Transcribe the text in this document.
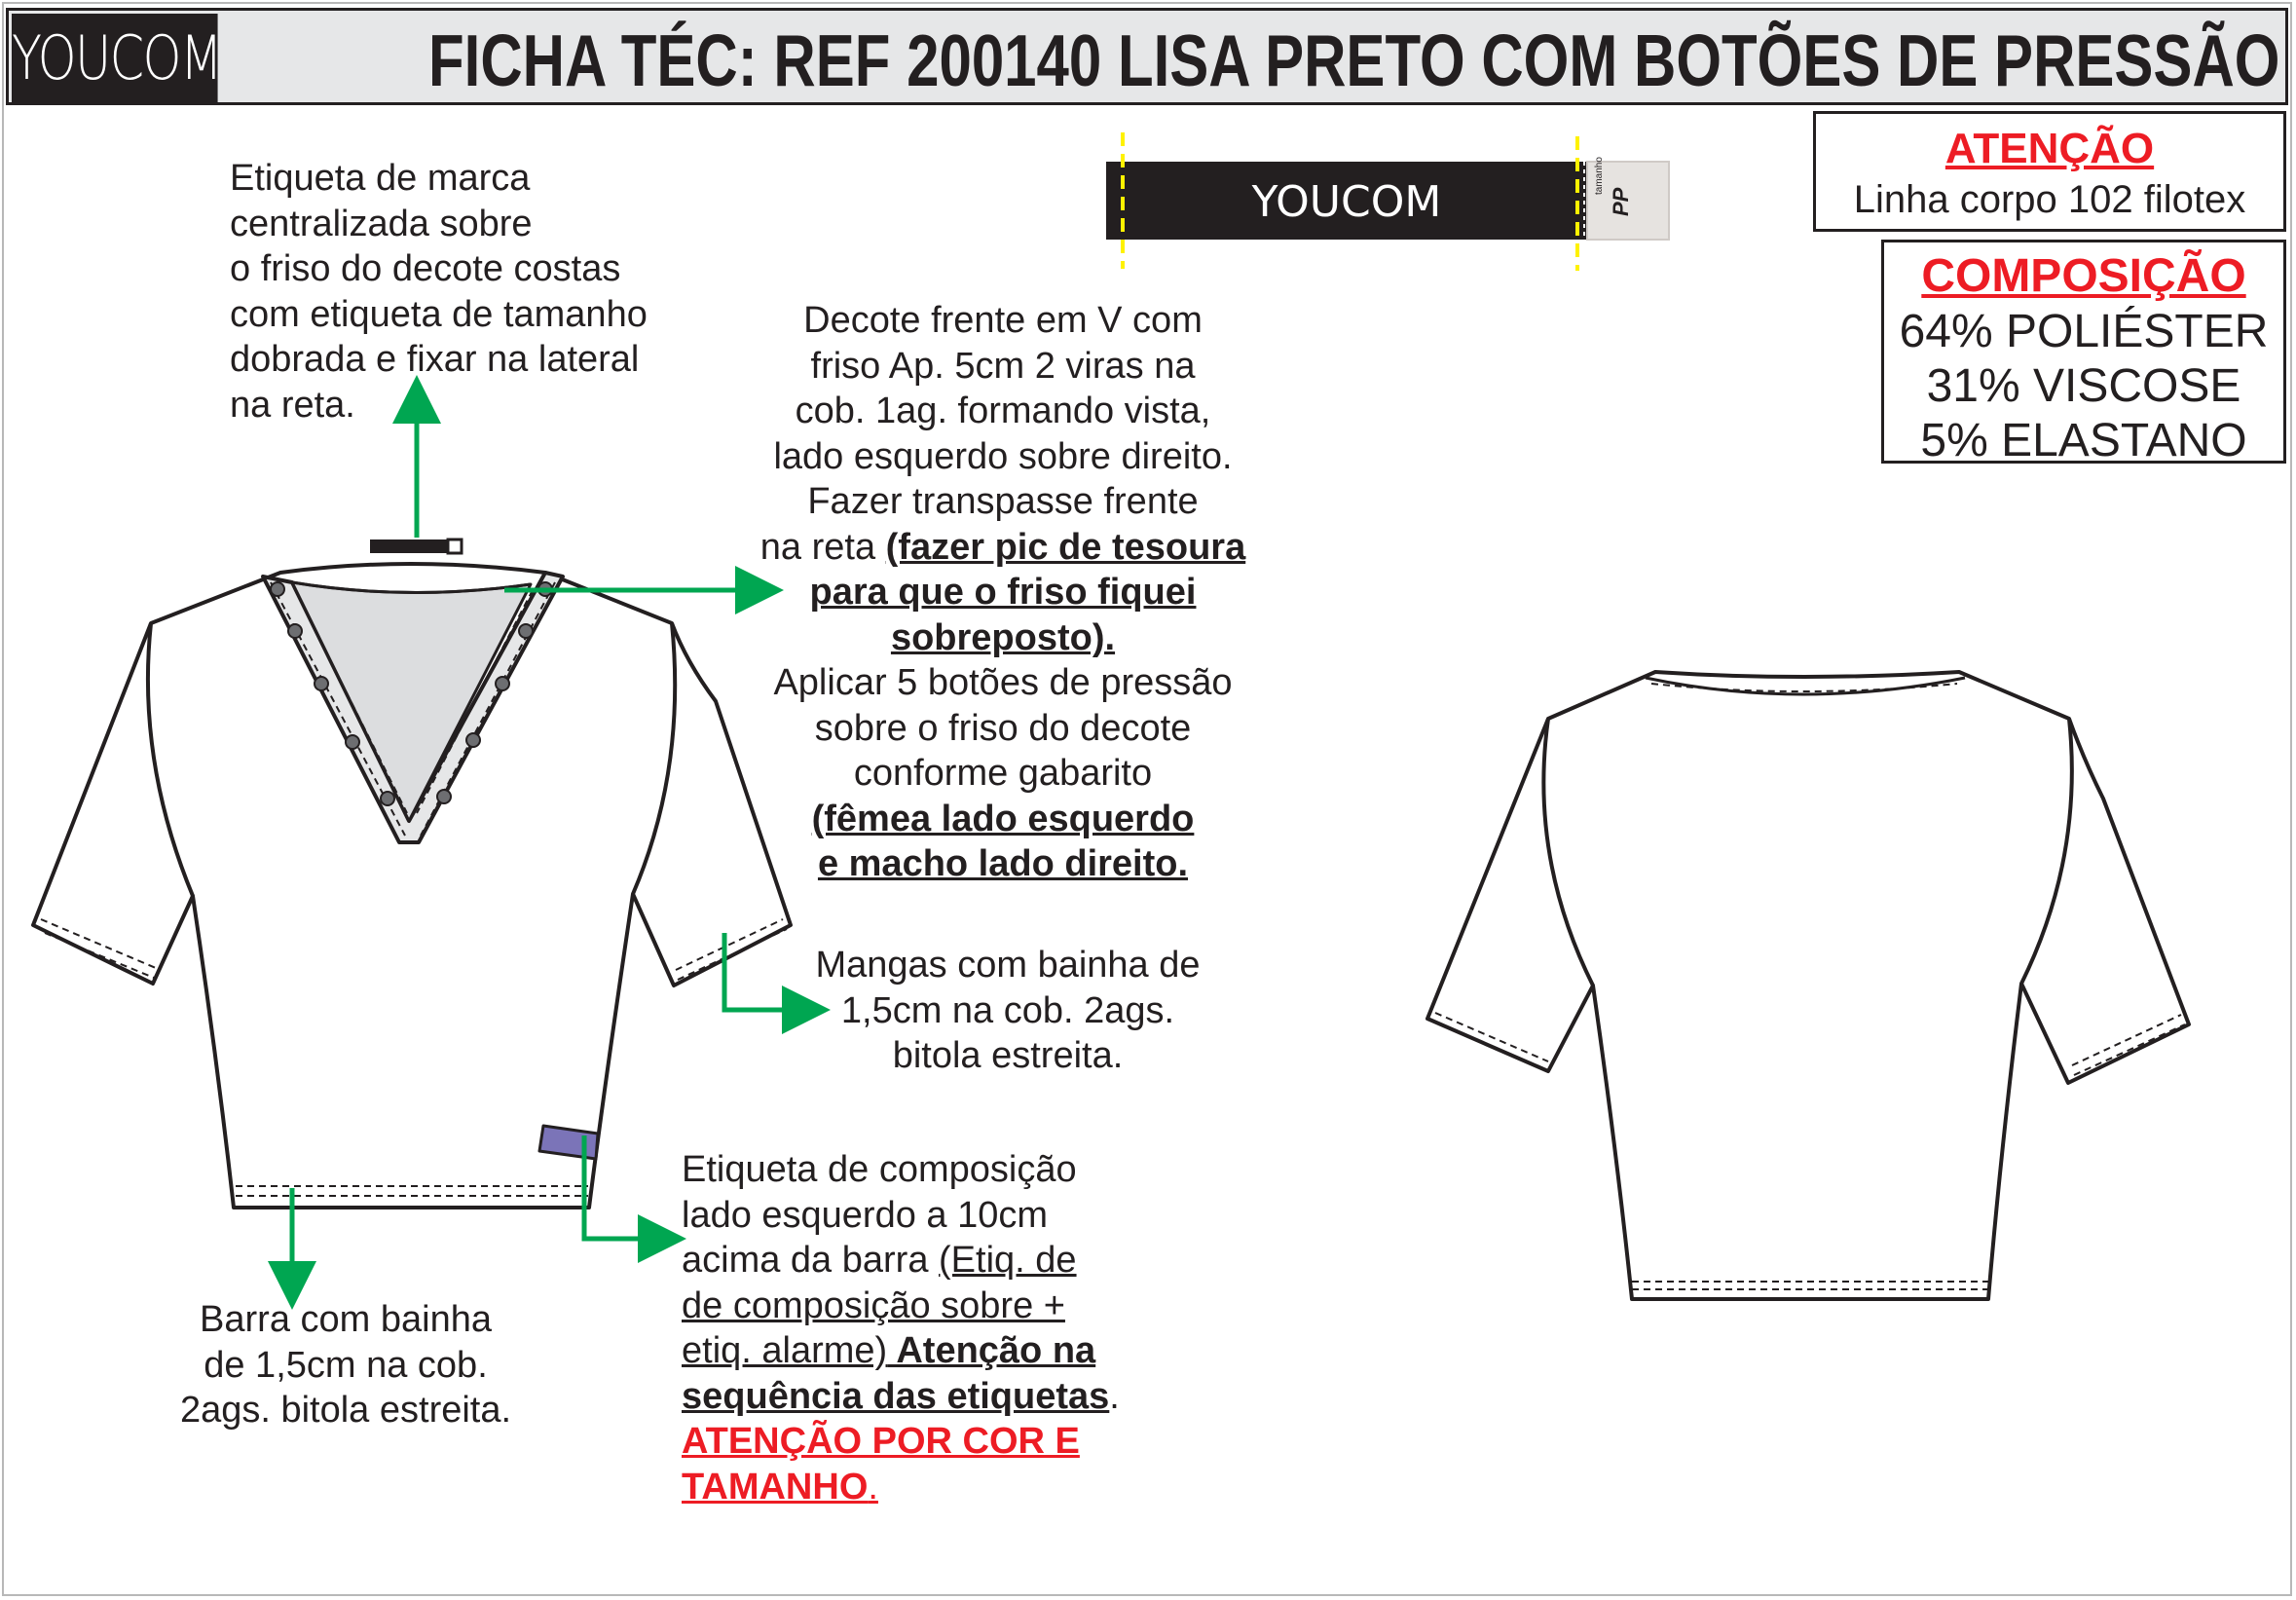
YOUCOM	FICHA TÉC: REF 200140 LISA PRETO COM BOTÕES DE PRESSÃO
YOUCOM
tamanho
PP
ATENÇÃO
Linha corpo 102 filotex
COMPOSIÇÃO
64% POLIÉSTER
31% VISCOSE
5% ELASTANO
Etiqueta de marca
centralizada sobre
o friso do decote costas
com etiqueta de tamanho
dobrada e fixar na lateral
na reta.
Decote frente em V com
friso Ap. 5cm 2 viras na
cob. 1ag. formando vista,
lado esquerdo sobre direito.
Fazer transpasse frente
na reta (fazer pic de tesoura
para que o friso fiquei
sobreposto).
Aplicar 5 botões de pressão
sobre o friso do decote
conforme gabarito
(fêmea lado esquerdo
e macho lado direito.
Mangas com bainha de
1,5cm na cob. 2ags.
bitola estreita.
Etiqueta de composição
lado esquerdo a 10cm
acima da barra (Etiq. de
de composição sobre +
etiq. alarme) Atenção na
sequência das etiquetas.
ATENÇÃO POR COR E
TAMANHO.
Barra com bainha
de 1,5cm na cob.
2ags. bitola estreita.
